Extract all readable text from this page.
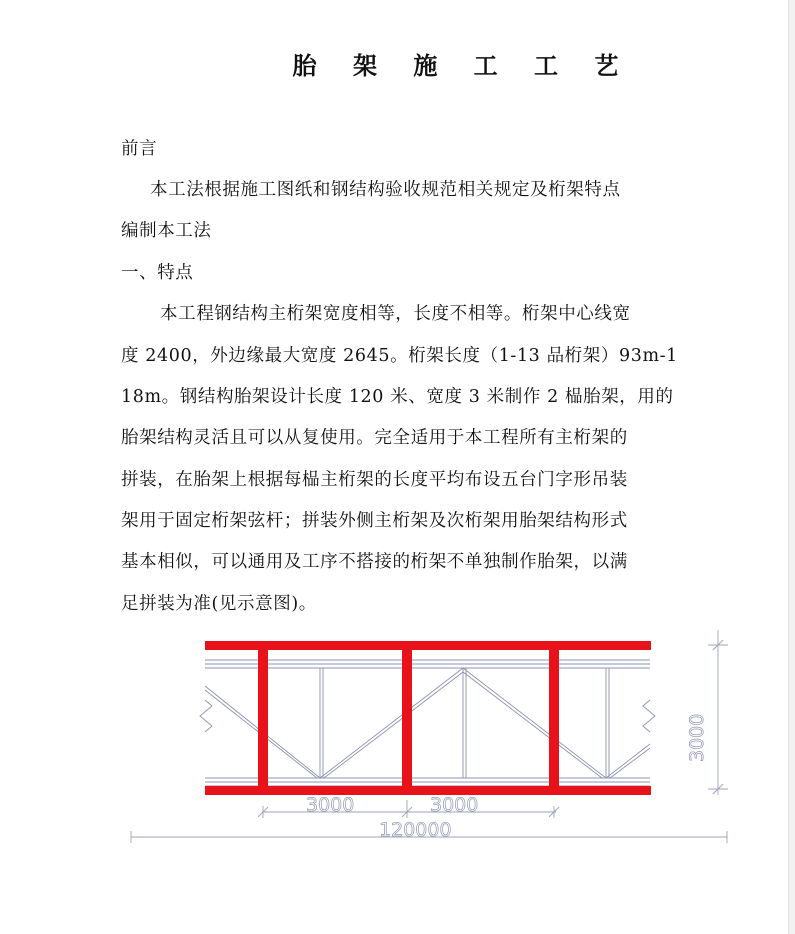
胎 架 施 工 工 艺
前言
本工法根据施工图纸和钢结构验收规范相关规定及桁架特点
编制本工法
一、特点
本工程钢结构主桁架宽度相等，长度不相等。桁架中心线宽
度 2400，外边缘最大宽度 2645。桁架长度（1-13 品桁架）93m-1
18m。钢结构胎架设计长度 120 米、宽度 3 米制作 2 榀胎架，用的
胎架结构灵活且可以从复使用。完全适用于本工程所有主桁架的
拼装，在胎架上根据每榀主桁架的长度平均布设五台门字形吊装
架用于固定桁架弦杆；拼装外侧主桁架及次桁架用胎架结构形式
基本相似，可以通用及工序不搭接的桁架不单独制作胎架，以满
足拼装为准(见示意图)。
3000	3000
120000
3000
